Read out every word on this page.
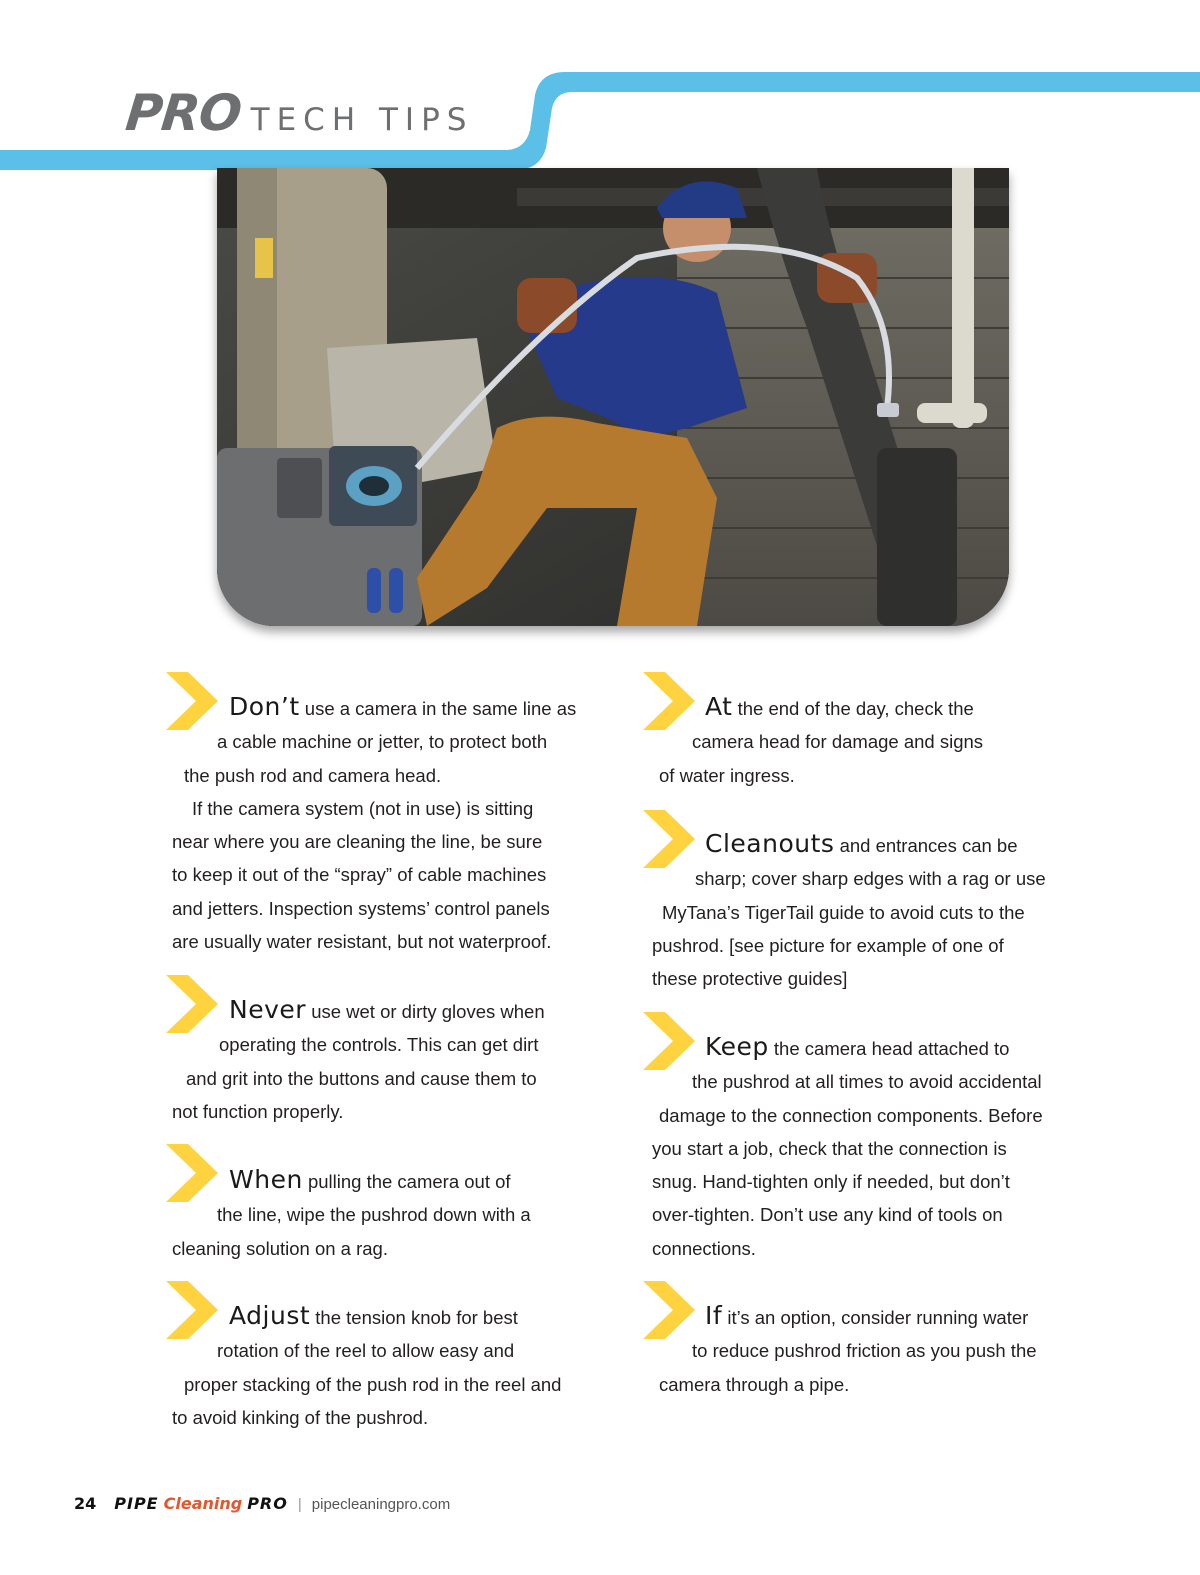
PRO TECH TIPS

Don’t use a camera in the same line as

a cable machine or jetter, to protect both

the push rod and camera head.

If the camera system (not in use) is sitting

near where you are cleaning the line, be sure

to keep it out of the “spray” of cable machines

and jetters. Inspection systems’ control panels

are usually water resistant, but not waterproof.

Never use wet or dirty gloves when

operating the controls. This can get dirt

and grit into the buttons and cause them to

not function properly.

When pulling the camera out of

the line, wipe the pushrod down with a

cleaning solution on a rag.

Adjust the tension knob for best

rotation of the reel to allow easy and

proper stacking of the push rod in the reel and

to avoid kinking of the pushrod.

At the end of the day, check the

camera head for damage and signs

of water ingress.

Cleanouts and entrances can be

sharp; cover sharp edges with a rag or use

MyTana’s TigerTail guide to avoid cuts to the

pushrod. [see picture for example of one of

these protective guides]

Keep the camera head attached to

the pushrod at all times to avoid accidental

damage to the connection components. Before

you start a job, check that the connection is

snug. Hand-tighten only if needed, but don’t

over-tighten. Don’t use any kind of tools on

connections.

If it’s an option, consider running water

to reduce pushrod friction as you push the

camera through a pipe.

24 PIPE Cleaning PRO | pipecleaningpro.com
